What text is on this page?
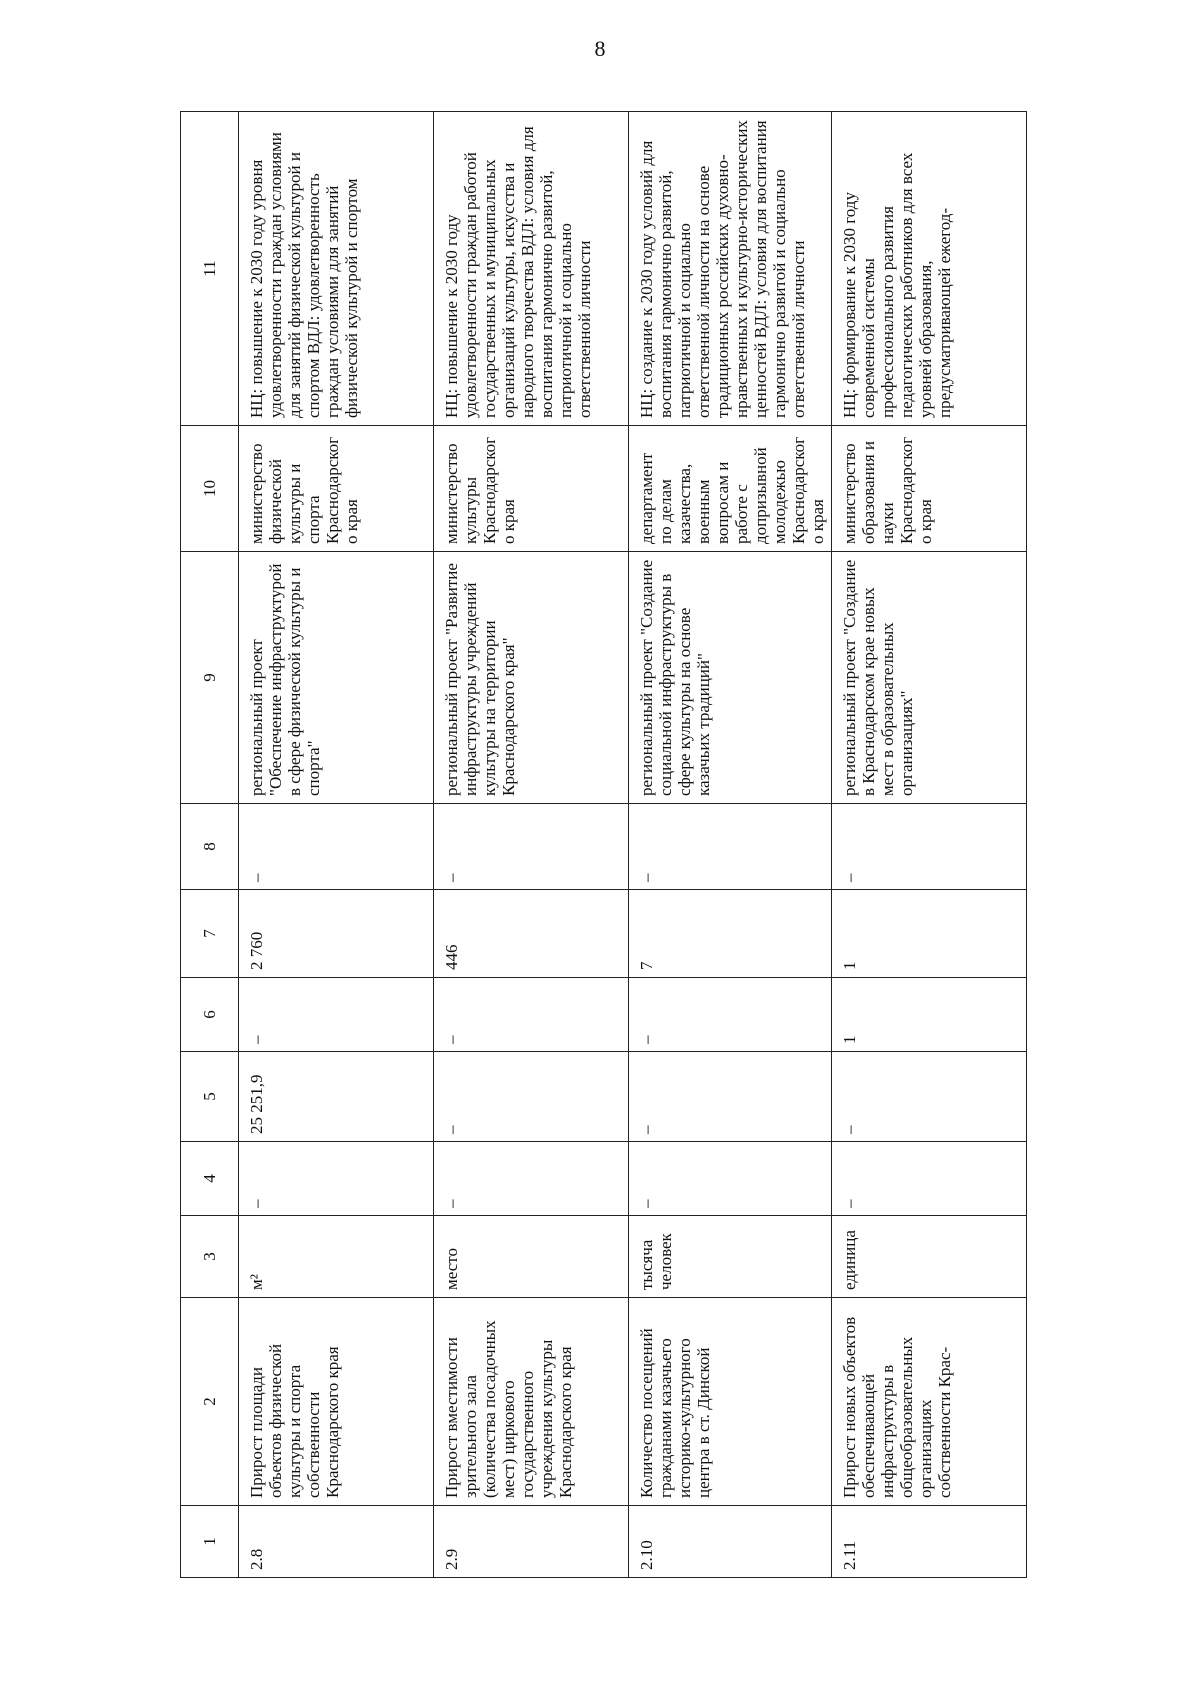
8
1	2	3	4	5	6	7	8	9	10	11
2.8	Прирост площади объектов физической культуры и спорта собственности Краснодарского края	м²	–	25 251,9	–	2 760	–	региональный проект "Обеспечение инфраструктурой в сфере физической культуры и спорта"	министерство физической культуры и спорта Краснодарского края	НЦ: повышение к 2030 году уровня удовлетворенности граждан условиями для занятий физической культурой и спортом ВДЛ: удовлетворенность граждан условиями для занятий физической культурой и спортом
2.9	Прирост вместимости зрительного зала (количества посадочных мест) циркового государственного учреждения культуры Краснодарского края	место	–	–	–	446	–	региональный проект "Развитие инфраструктуры учреждений культуры на территории Краснодарского края"	министерство культуры Краснодарского края	НЦ: повышение к 2030 году удовлетворенности граждан работой государственных и муниципальных организаций культуры, искусства и народного творчества ВДЛ: условия для воспитания гармонично развитой, патриотичной и социально ответственной личности
2.10	Количество посещений гражданами казачьего историко-культурного центра в ст. Динской	тысяча человек	–	–	–	7	–	региональный проект "Создание социальной инфраструктуры в сфере культуры на основе казачьих традиций"	департамент по делам казачества, военным вопросам и работе с допризывной молодежью Краснодарского края	НЦ: создание к 2030 году условий для воспитания гармонично развитой, патриотичной и социально ответственной личности на основе традиционных российских духовно-нравственных и культурно-исторических ценностей ВДЛ: условия для воспитания гармонично развитой и социально ответственной личности
2.11	Прирост новых объектов обеспечивающей инфраструктуры в общеобразовательных организациях собственности Крас-	единица	–	–	1	1	–	региональный проект "Создание в Краснодарском крае новых мест в образовательных организациях"	министерство образования и науки Краснодарского края	НЦ: формирование к 2030 году современной системы профессионального развития педагогических работников для всех уровней образования, предусматривающей ежегод-
